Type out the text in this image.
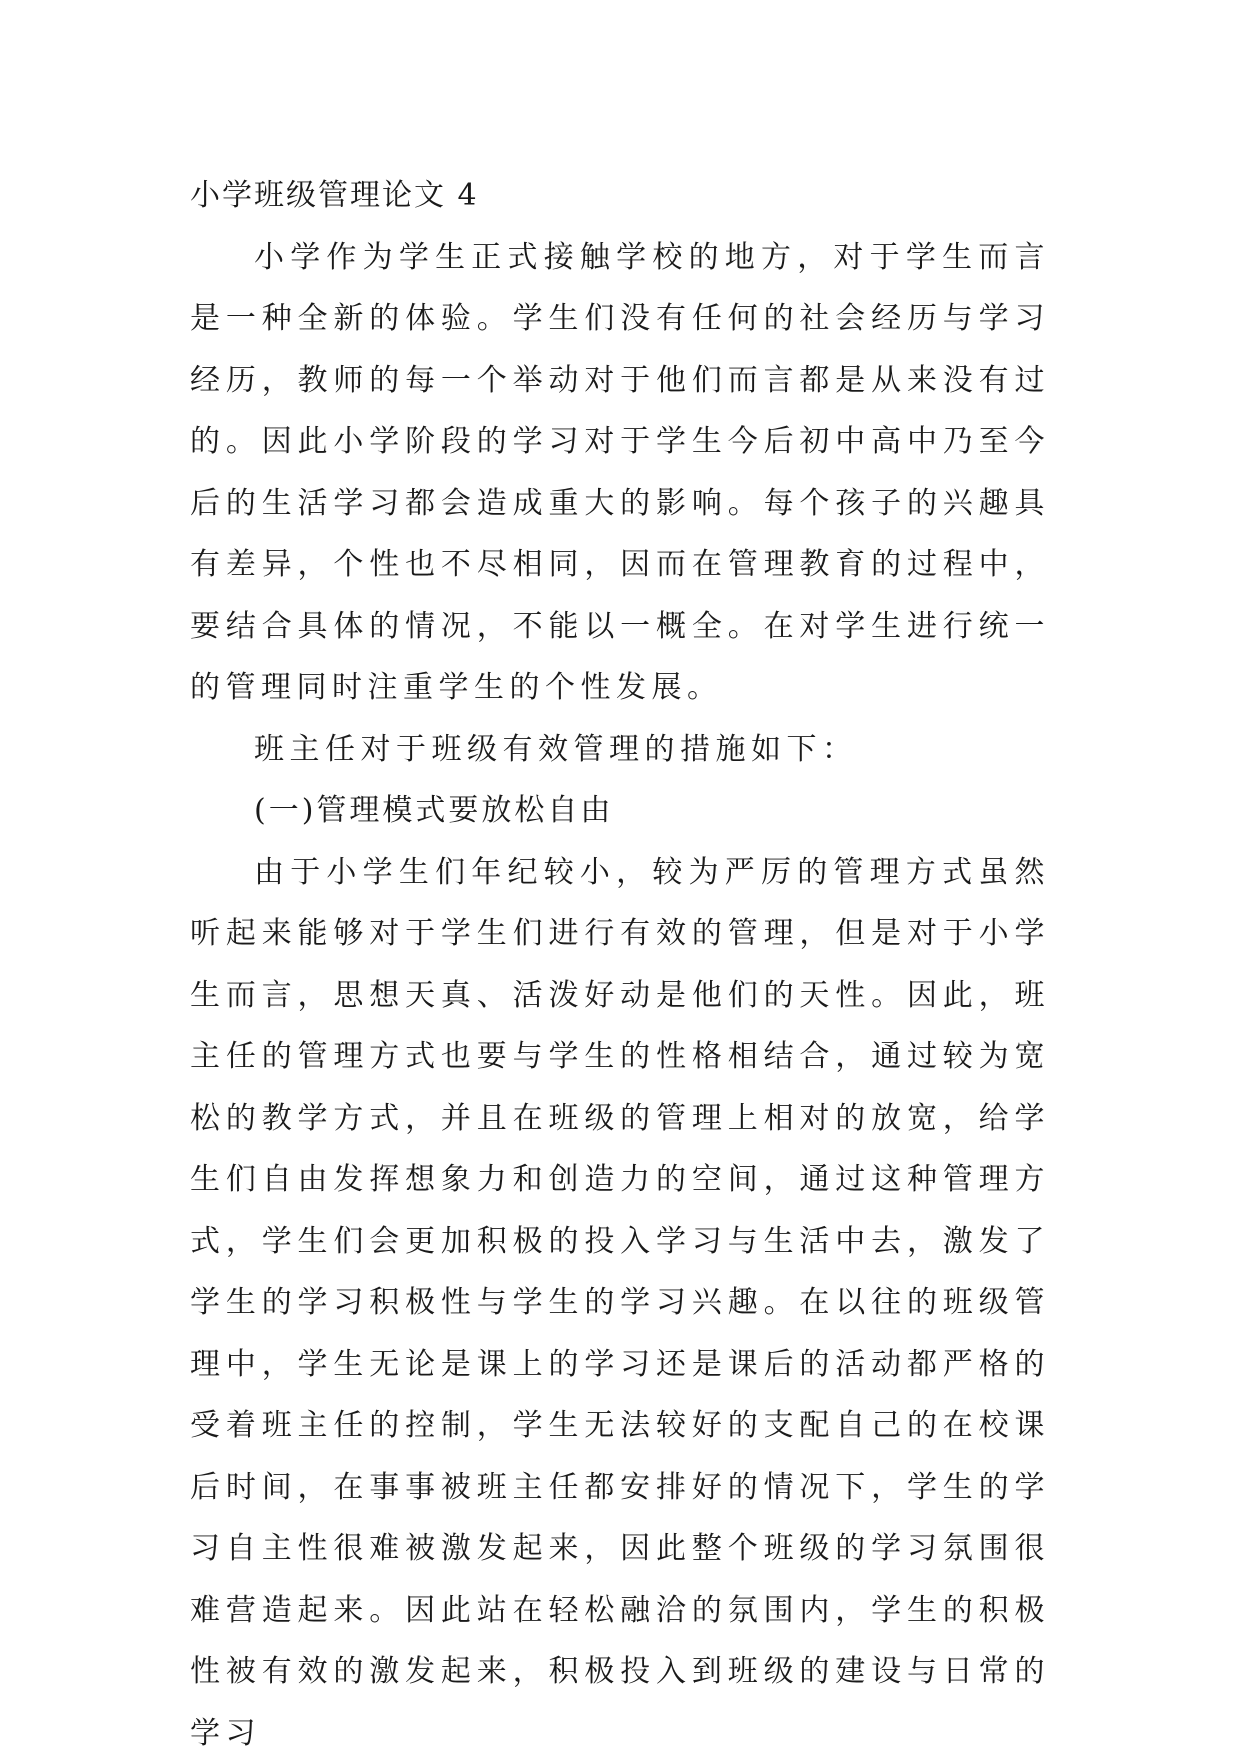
小学班级管理论文 4

小学作为学生正式接触学校的地方，对于学生而言是一种全新的体验。学生们没有任何的社会经历与学习经历，教师的每一个举动对于他们而言都是从来没有过的。因此小学阶段的学习对于学生今后初中高中乃至今后的生活学习都会造成重大的影响。每个孩子的兴趣具有差异，个性也不尽相同，因而在管理教育的过程中，要结合具体的情况，不能以一概全。在对学生进行统一的管理同时注重学生的个性发展。

班主任对于班级有效管理的措施如下：

(一)管理模式要放松自由

由于小学生们年纪较小，较为严厉的管理方式虽然听起来能够对于学生们进行有效的管理，但是对于小学生而言，思想天真、活泼好动是他们的天性。因此，班主任的管理方式也要与学生的性格相结合，通过较为宽松的教学方式，并且在班级的管理上相对的放宽，给学生们自由发挥想象力和创造力的空间，通过这种管理方式，学生们会更加积极的投入学习与生活中去，激发了学生的学习积极性与学生的学习兴趣。在以往的班级管理中，学生无论是课上的学习还是课后的活动都严格的受着班主任的控制，学生无法较好的支配自己的在校课后时间，在事事被班主任都安排好的情况下，学生的学习自主性很难被激发起来，因此整个班级的学习氛围很难营造起来。因此站在轻松融洽的氛围内，学生的积极性被有效的激发起来，积极投入到班级的建设与日常的学习
